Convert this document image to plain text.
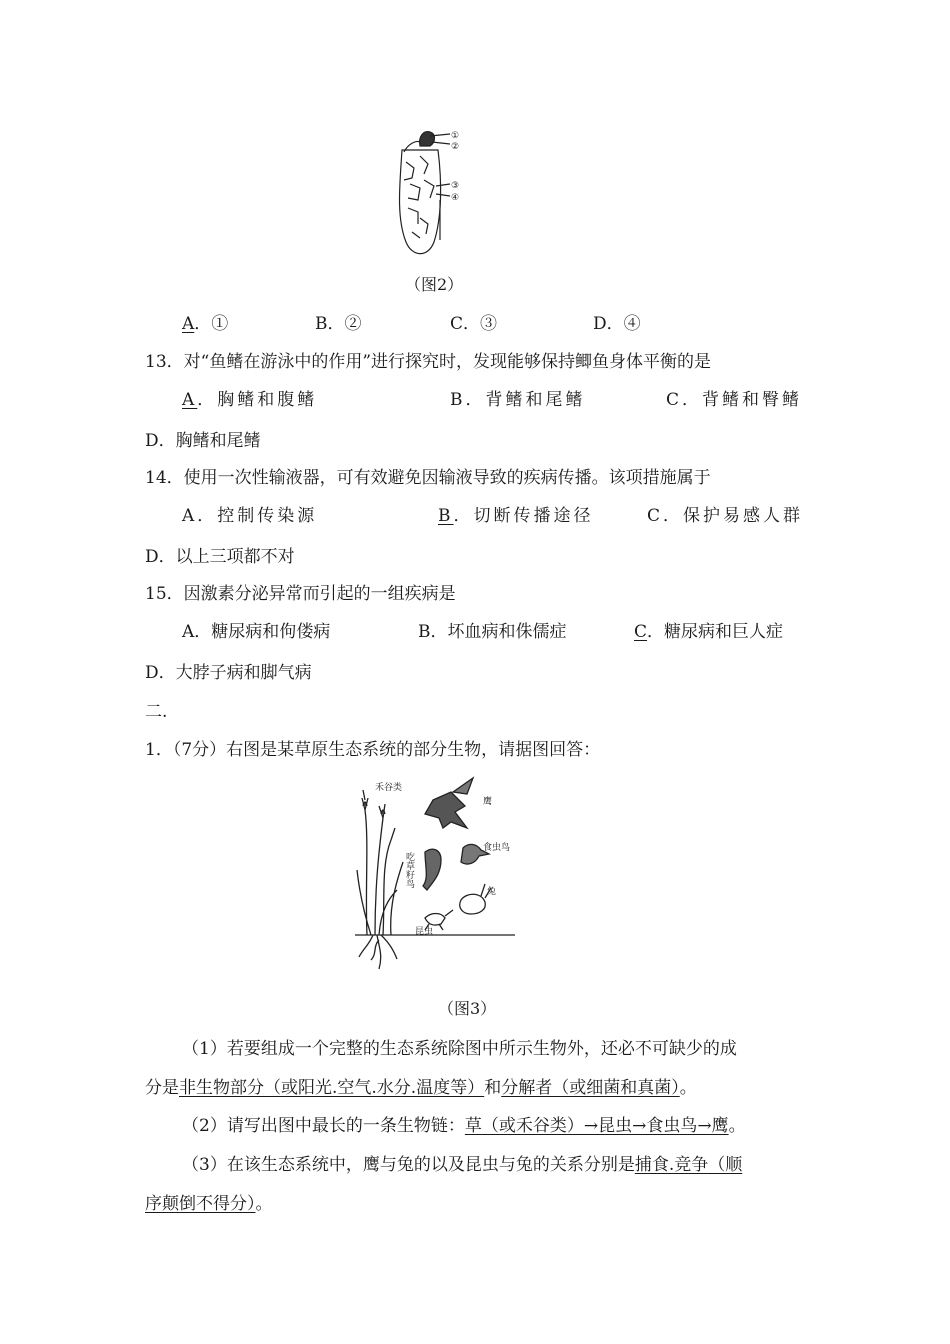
①
②
③
④
（图2）
A．①	B．②	C．③	D．④
13．对“鱼鳍在游泳中的作用”进行探究时，发现能够保持鲫鱼身体平衡的是
A．胸鳍和腹鳍	B．背鳍和尾鳍	C．背鳍和臀鳍
D．胸鳍和尾鳍
14．使用一次性输液器，可有效避免因输液导致的疾病传播。该项措施属于
A．控制传染源	B．切断传播途径	C．保护易感人群
D．以上三项都不对
15．因激素分泌异常而引起的一组疾病是
A．糖尿病和佝偻病	B．坏血病和侏儒症	C．糖尿病和巨人症
D．大脖子病和脚气病
二.
1．（7分）右图是某草原生态系统的部分生物，请据图回答：
禾谷类
鹰
食虫鸟
兔
吃草籽鸟
昆虫
（图3）
（1）若要组成一个完整的生态系统除图中所示生物外，还必不可缺少的成
分是非生物部分（或阳光.空气.水分.温度等）和分解者（或细菌和真菌）。
（2）请写出图中最长的一条生物链：草（或禾谷类）→昆虫→食虫鸟→鹰。
（3）在该生态系统中，鹰与兔的以及昆虫与兔的关系分别是捕食.竞争（顺
序颠倒不得分）。
